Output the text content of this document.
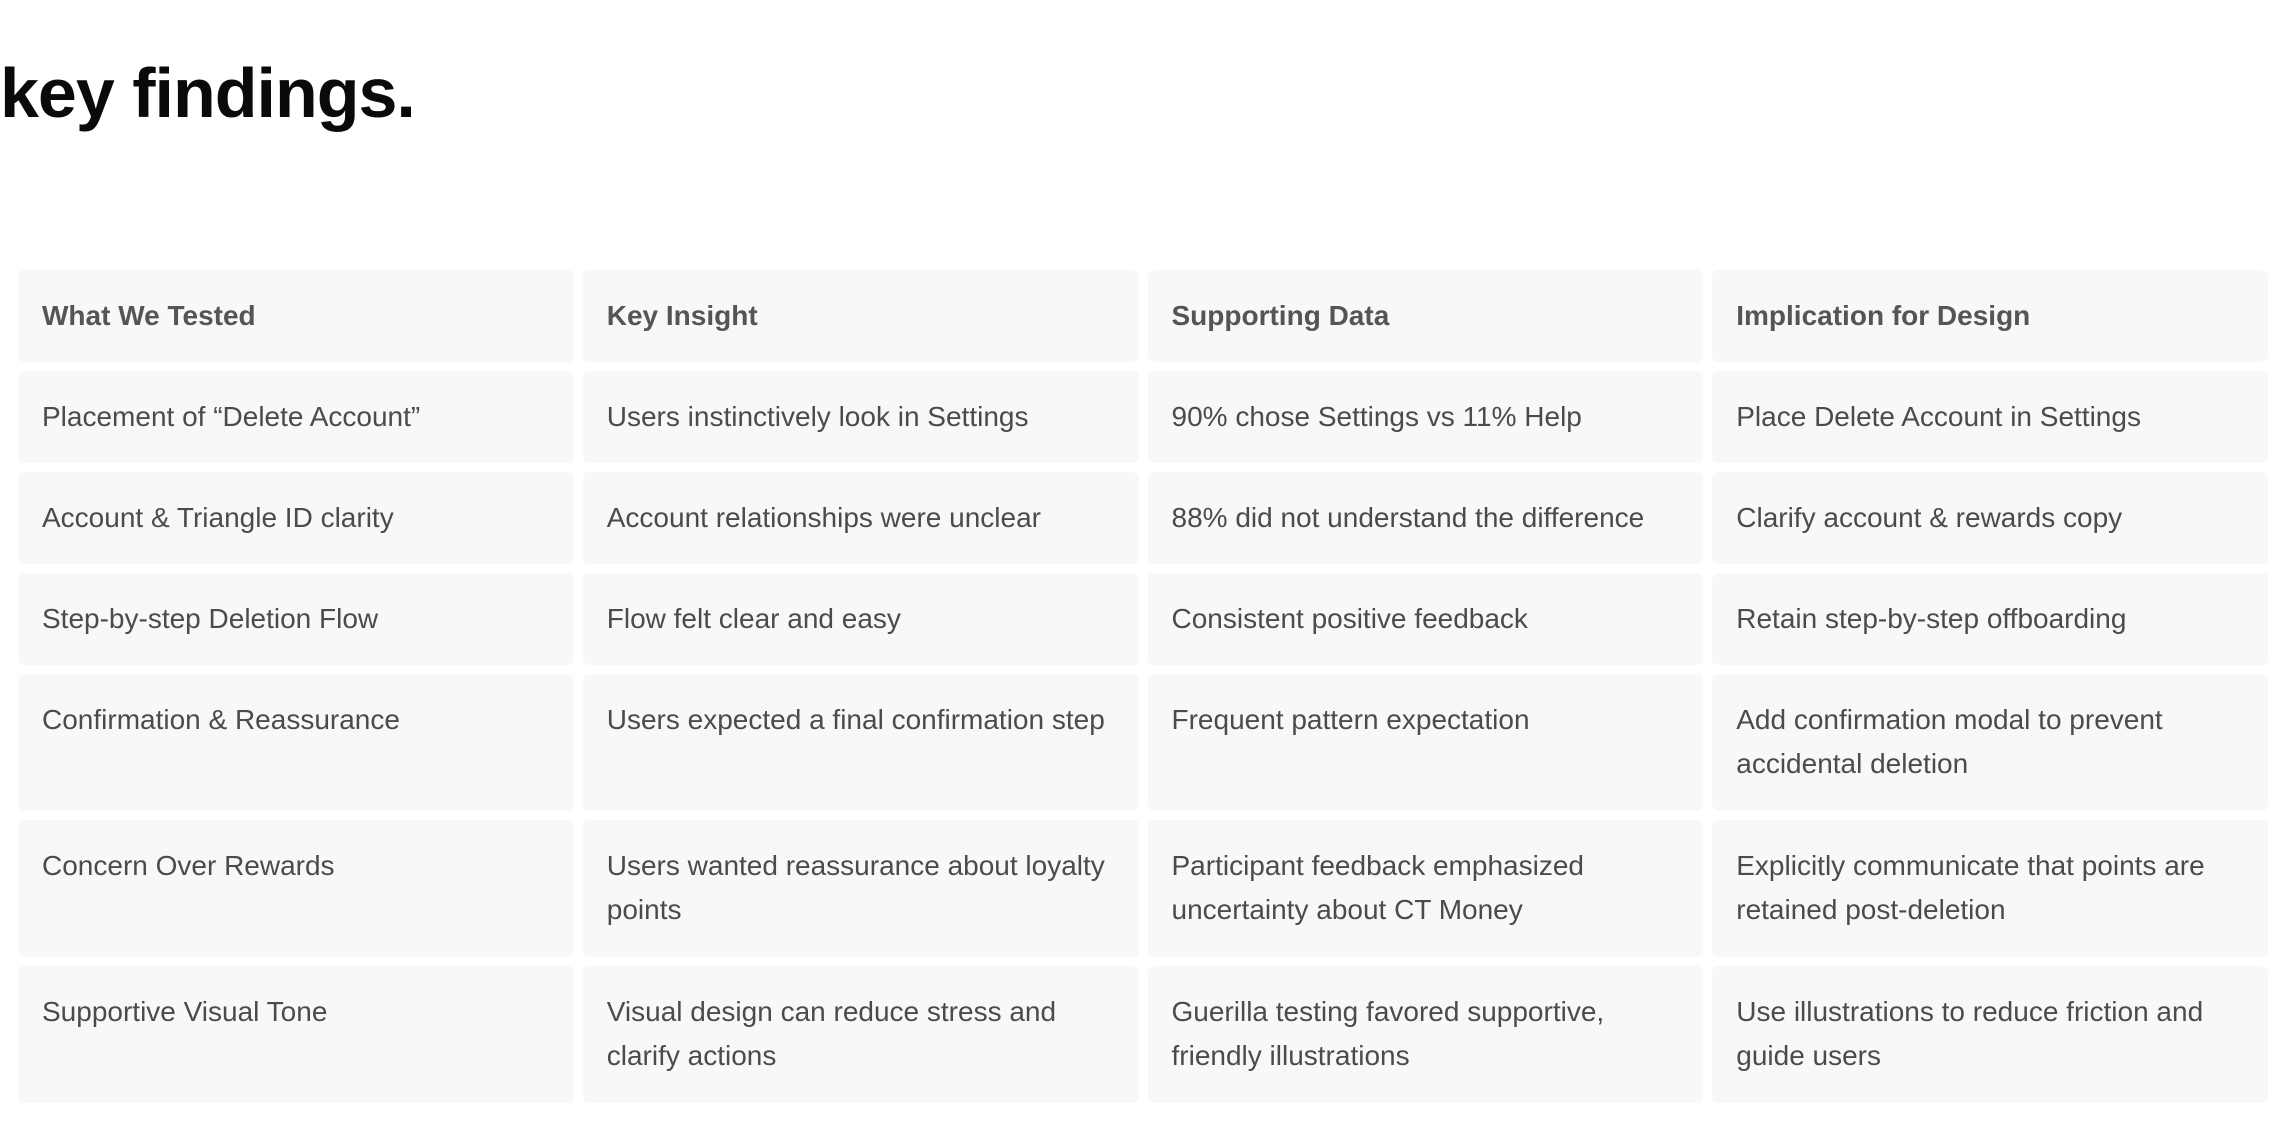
key findings.
What We Tested	Key Insight	Supporting Data	Implication for Design
Placement of “Delete Account”	Users instinctively look in Settings	90% chose Settings vs 11% Help	Place Delete Account in Settings
Account & Triangle ID clarity	Account relationships were unclear	88% did not understand the difference	Clarify account & rewards copy
Step-by-step Deletion Flow	Flow felt clear and easy	Consistent positive feedback	Retain step-by-step offboarding
Confirmation & Reassurance	Users expected a final confirmation step	Frequent pattern expectation	Add confirmation modal to prevent accidental deletion
Concern Over Rewards	Users wanted reassurance about loyalty points	Participant feedback emphasized uncertainty about CT Money	Explicitly communicate that points are retained post-deletion
Supportive Visual Tone	Visual design can reduce stress and clarify actions	Guerilla testing favored supportive, friendly illustrations	Use illustrations to reduce friction and guide users
